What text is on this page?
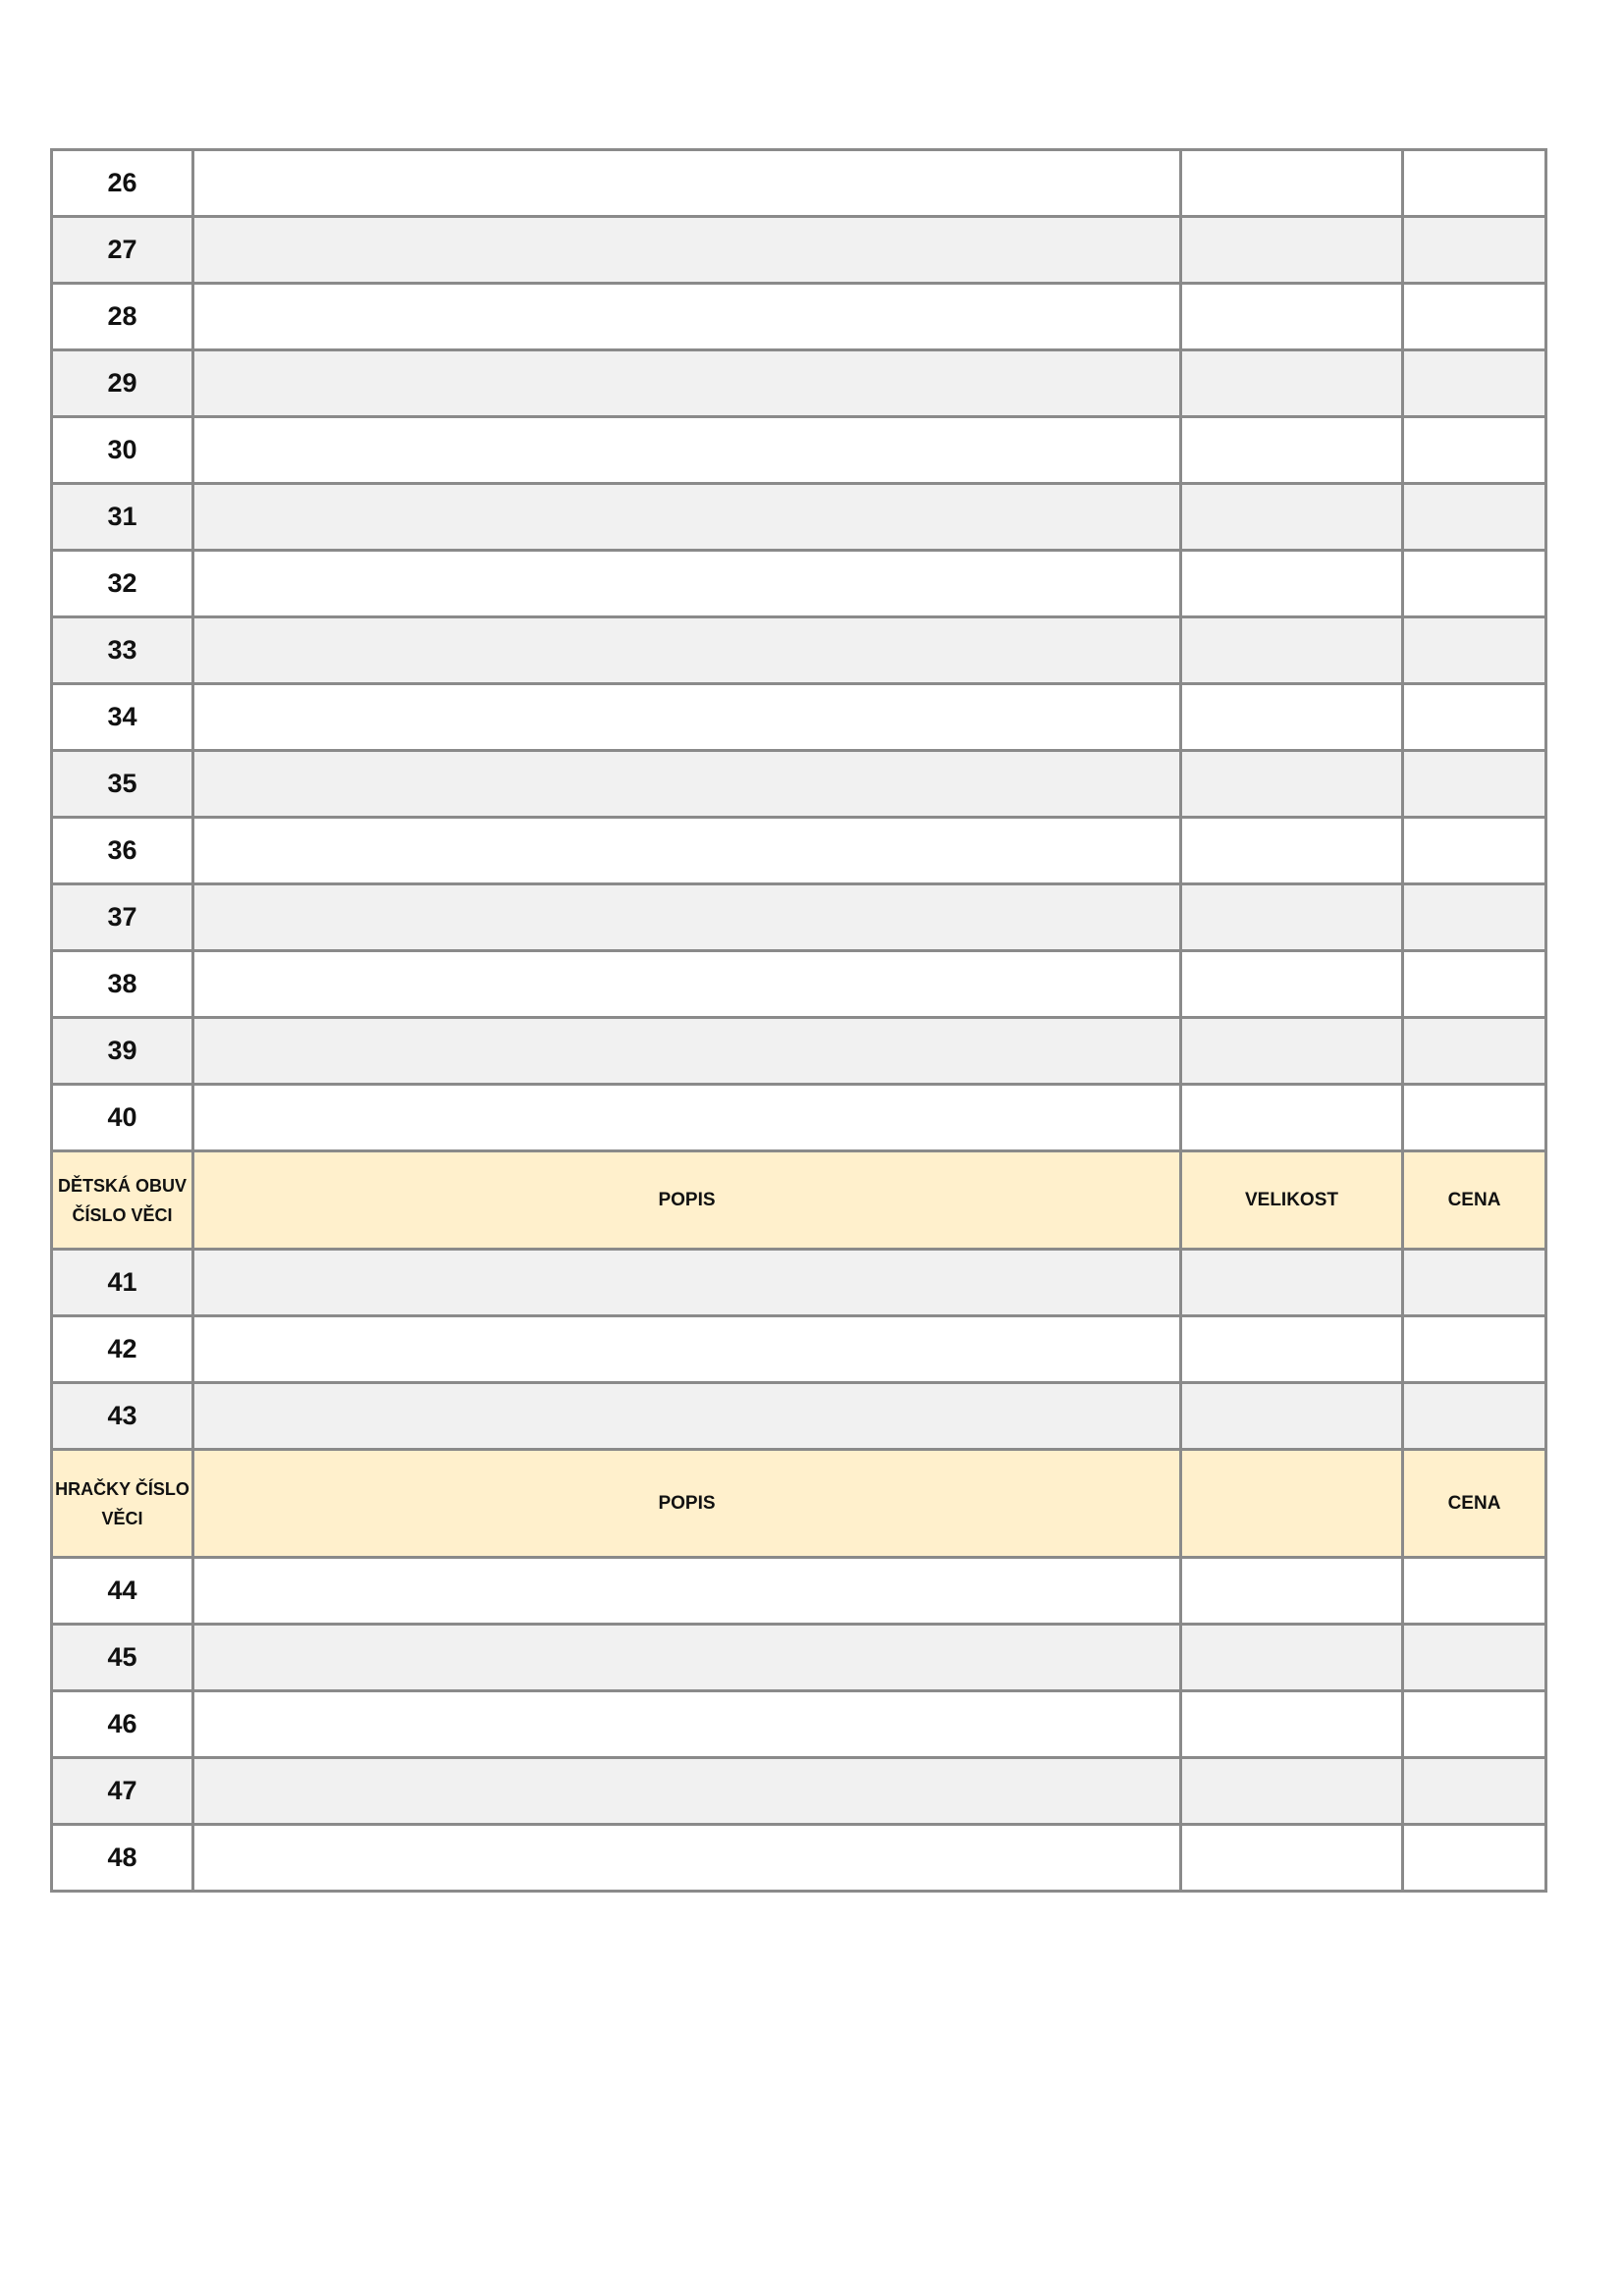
26			
27			
28			
29			
30			
31			
32			
33			
34			
35			
36			
37			
38			
39			
40			

DĚTSKÁ OBUV
ČÍSLO VĚCI	POPIS	VELIKOST	CENA
41			
42			
43			

HRAČKY ČÍSLO
VĚCI	POPIS		CENA
44			
45			
46			
47			
48			
